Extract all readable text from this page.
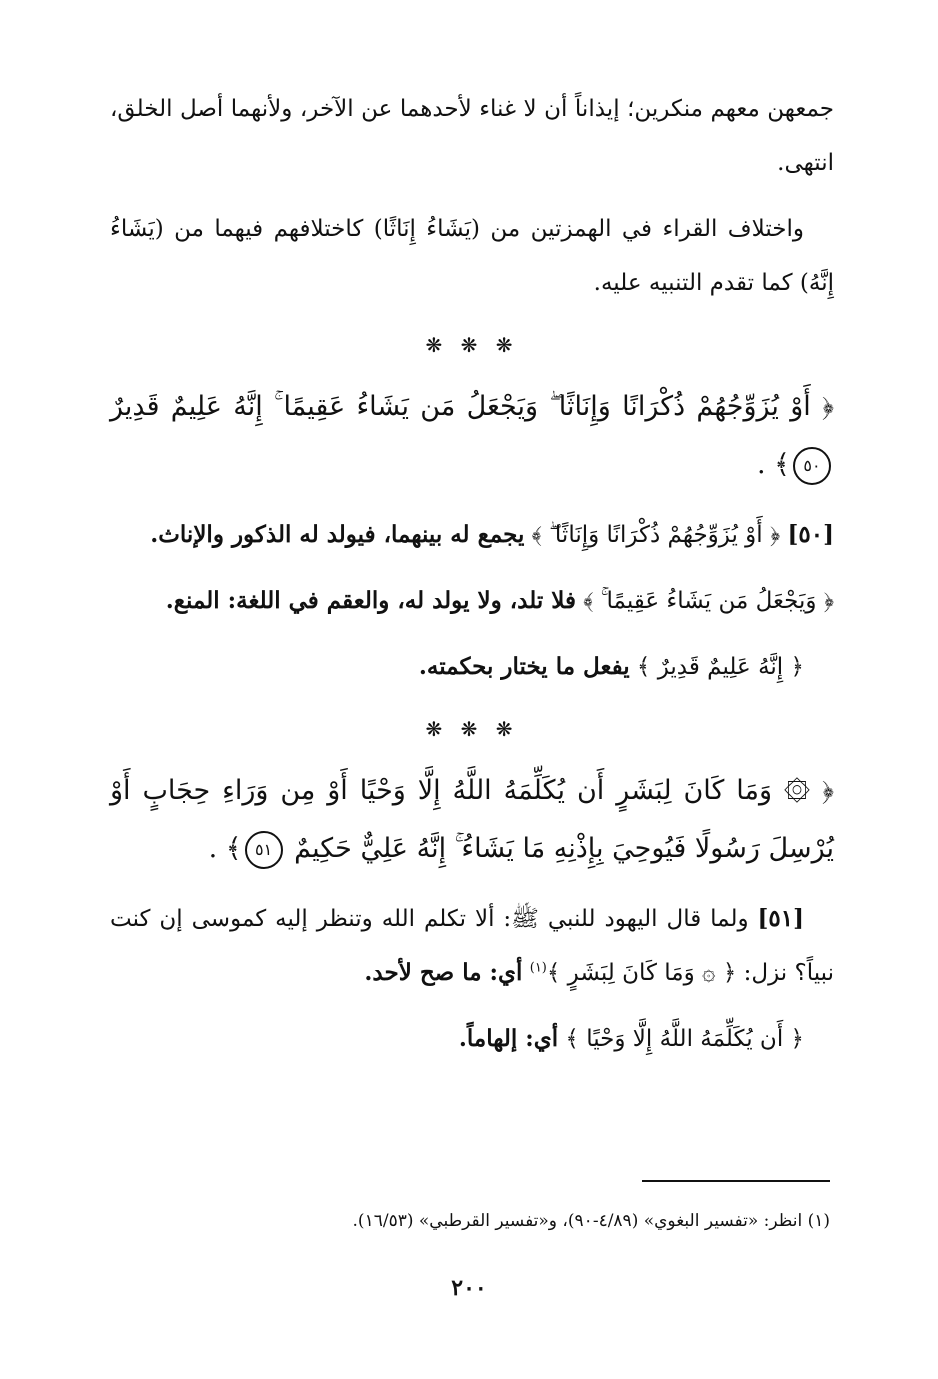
جمعهن معهم منكرين؛ إيذاناً أن لا غناء لأحدهما عن الآخر، ولأنهما أصل الخلق، انتهى.

واختلاف القراء في الهمزتين من (يَشَاءُ إِنَاثًا) كاختلافهم فيهما من (يَشَاءُ إِنَّهُ) كما تقدم التنبيه عليه.

❋ ❋ ❋

﴿ أَوْ يُزَوِّجُهُمْ ذُكْرَانًا وَإِنَاثًا ۖ وَيَجْعَلُ مَن يَشَاءُ عَقِيمًا ۚ إِنَّهُ عَلِيمٌ قَدِيرٌ ٥٠﴾ .

[٥٠] ﴿ أَوْ يُزَوِّجُهُمْ ذُكْرَانًا وَإِنَاثًا ۖ ﴾ يجمع له بينهما، فيولد له الذكور والإناث.

﴿ وَيَجْعَلُ مَن يَشَاءُ عَقِيمًا ۚ ﴾ فلا تلد، ولا يولد له، والعقم في اللغة: المنع.

﴿ إِنَّهُ عَلِيمٌ قَدِيرٌ ﴾ يفعل ما يختار بحكمته.

❋ ❋ ❋

﴿ ۞ وَمَا كَانَ لِبَشَرٍ أَن يُكَلِّمَهُ اللَّهُ إِلَّا وَحْيًا أَوْ مِن وَرَاءِ حِجَابٍ أَوْ يُرْسِلَ رَسُولًا فَيُوحِيَ بِإِذْنِهِ مَا يَشَاءُ ۚ إِنَّهُ عَلِيٌّ حَكِيمٌ ٥١﴾ .

[٥١] ولما قال اليهود للنبي ﷺ: ألا تكلم الله وتنظر إليه كموسى إن كنت نبياً؟ نزل: ﴿ ۞ وَمَا كَانَ لِبَشَرٍ ﴾$^{(١)}$ أي: ما صح لأحد.

﴿ أَن يُكَلِّمَهُ اللَّهُ إِلَّا وَحْيًا ﴾ أي: إلهاماً.

(١) انظر: «تفسير البغوي» (٤/٨٩-٩٠)، و«تفسير القرطبي» (١٦/٥٣).
٢٠٠
